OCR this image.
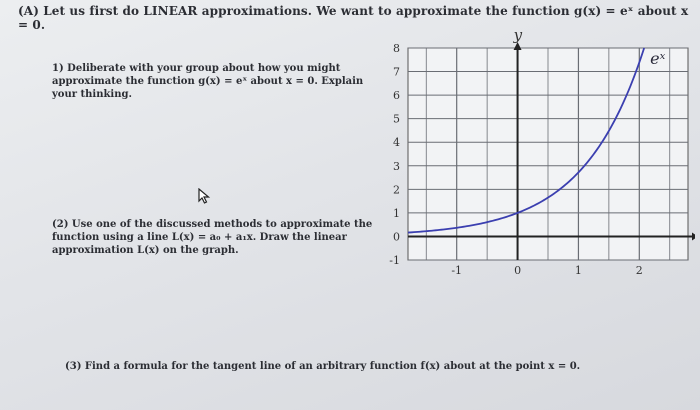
(A) Let us first do LINEAR approximations. We want to approximate the function g(x) = eˣ about x = 0.
1) Deliberate with your group about how you might approximate the function g(x) = eˣ about x = 0. Explain your thinking.
(2) Use one of the discussed methods to approximate the function using a line L(x) = a₀ + a₁x. Draw the linear approximation L(x) on the graph.
-1
0
1
2
3
4
5
6
7
8
-1	0	1	2
y
eˣ
(3) Find a formula for the tangent line of an arbitrary function f(x) about at the point x = 0.
